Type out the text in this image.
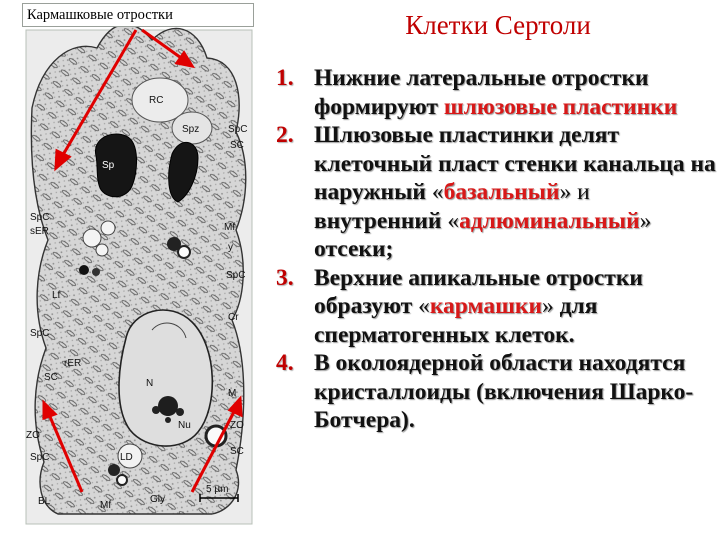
RC
Spz	SpC
SC
Sp
SpC
sER	Mf
y
Lf
SpC
Cr
SpC
rER
SC
N
Nu
M
ZO
ZO
SpC	LD
SC
BL	Mf
Gly
5 µm
Кармашковые отростки	Клетки Сертоли
1. Нижние латеральные отростки формируют шлюзовые пластинки
2. Шлюзовые пластинки делят клеточный пласт стенки канальца на наружный «базальный» и внутренний «адлюминальный» отсеки;
3. Верхние апикальные отростки образуют «кармашки» для сперматогенных клеток.
4. В околоядерной области находятся кристаллоиды (включения Шарко-Ботчера).
